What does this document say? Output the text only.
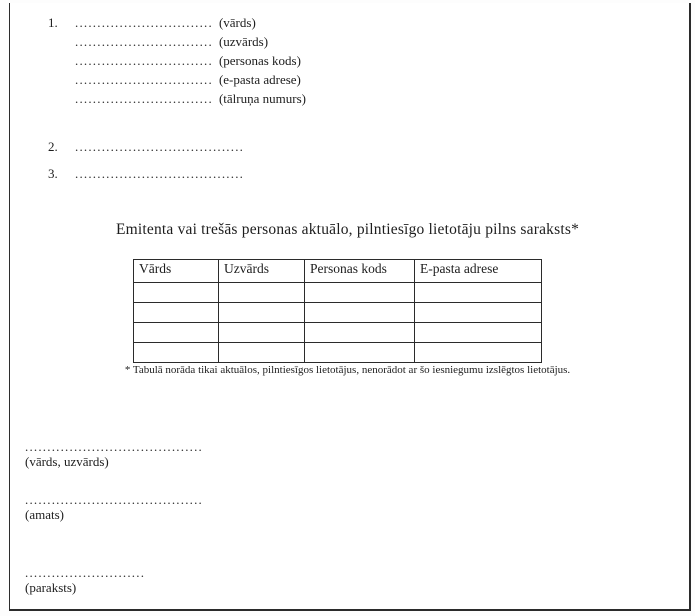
1.	............................... (vārds)
............................... (uzvārds)
............................... (personas kods)
............................... (e-pasta adrese)
............................... (tālruņa numurs)
2.	......................................
3.	......................................
Emitenta vai trešās personas aktuālo, pilntiesīgo lietotāju pilns saraksts*
Vārds	Uzvārds	Personas kods	E-pasta adrese

* Tabulā norāda tikai aktuālos, pilntiesīgos lietotājus, nenorādot ar šo iesniegumu izslēgtos lietotājus.
........................................
(vārds, uzvārds)
........................................
(amats)
...........................
(paraksts)
